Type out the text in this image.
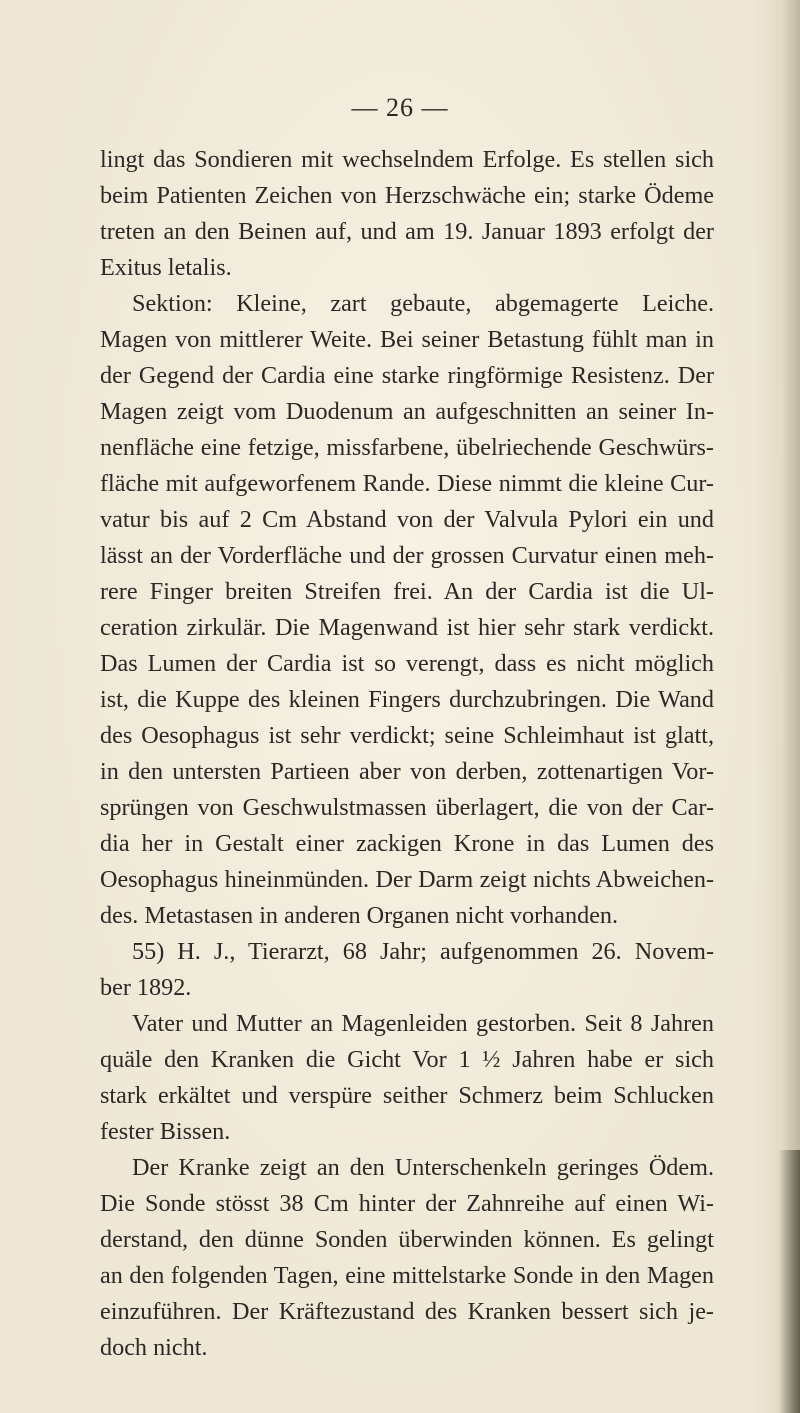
— 26 —
lingt das Sondieren mit wechselndem Erfolge. Es stellen sich
beim Patienten Zeichen von Herzschwäche ein; starke Ödeme
treten an den Beinen auf, und am 19. Januar 1893 erfolgt der
Exitus letalis.
Sektion: Kleine, zart gebaute, abgemagerte Leiche.
Magen von mittlerer Weite. Bei seiner Betastung fühlt man in
der Gegend der Cardia eine starke ringförmige Resistenz. Der
Magen zeigt vom Duodenum an aufgeschnitten an seiner In-
nenfläche eine fetzige, missfarbene, übelriechende Geschwürs-
fläche mit aufgeworfenem Rande. Diese nimmt die kleine Cur-
vatur bis auf 2 Cm Abstand von der Valvula Pylori ein und
lässt an der Vorderfläche und der grossen Curvatur einen meh-
rere Finger breiten Streifen frei. An der Cardia ist die Ul-
ceration zirkulär. Die Magenwand ist hier sehr stark verdickt.
Das Lumen der Cardia ist so verengt, dass es nicht möglich
ist, die Kuppe des kleinen Fingers durchzubringen. Die Wand
des Oesophagus ist sehr verdickt; seine Schleimhaut ist glatt,
in den untersten Partieen aber von derben, zottenartigen Vor-
sprüngen von Geschwulstmassen überlagert, die von der Car-
dia her in Gestalt einer zackigen Krone in das Lumen des
Oesophagus hineinmünden. Der Darm zeigt nichts Abweichen-
des. Metastasen in anderen Organen nicht vorhanden.
55) H. J., Tierarzt, 68 Jahr; aufgenommen 26. Novem-
ber 1892.
Vater und Mutter an Magenleiden gestorben. Seit 8 Jahren
quäle den Kranken die Gicht Vor 1 ½ Jahren habe er sich
stark erkältet und verspüre seither Schmerz beim Schlucken
fester Bissen.
Der Kranke zeigt an den Unterschenkeln geringes Ödem.
Die Sonde stösst 38 Cm hinter der Zahnreihe auf einen Wi-
derstand, den dünne Sonden überwinden können. Es gelingt
an den folgenden Tagen, eine mittelstarke Sonde in den Magen
einzuführen. Der Kräftezustand des Kranken bessert sich je-
doch nicht.
